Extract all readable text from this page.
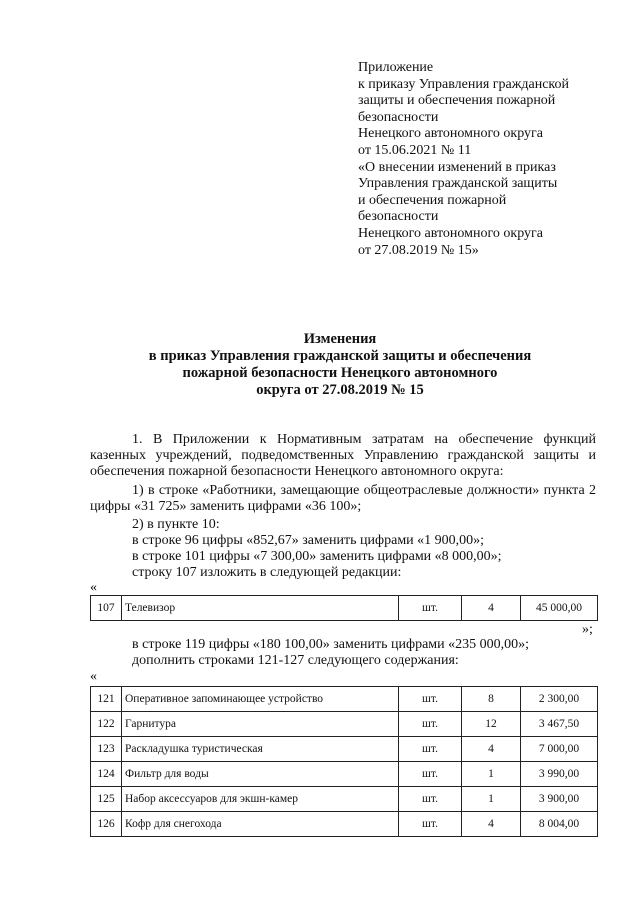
Приложение
к приказу Управления гражданской
защиты и обеспечения пожарной
безопасности
Ненецкого автономного округа
от 15.06.2021 № 11
«О внесении изменений в приказ
Управления гражданской защиты
и обеспечения пожарной
безопасности
Ненецкого автономного округа
от 27.08.2019 № 15»
Изменения
в приказ Управления гражданской защиты и обеспечения
пожарной безопасности Ненецкого автономного
округа от 27.08.2019 № 15
1. В Приложении к Нормативным затратам на обеспечение функций казенных учреждений, подведомственных Управлению гражданской защиты и обеспечения пожарной безопасности Ненецкого автономного округа:
1) в строке «Работники, замещающие общеотраслевые должности» пункта 2 цифры «31 725» заменить цифрами «36 100»;
2) в пункте 10:
в строке 96 цифры «852,67» заменить цифрами «1 900,00»;
в строке 101 цифры «7 300,00» заменить цифрами «8 000,00»;
строку 107 изложить в следующей редакции:
«
107	Телевизор	шт.	4	45 000,00
»;
в строке 119 цифры «180 100,00» заменить цифрами «235 000,00»;
дополнить строками 121-127 следующего содержания:
«
121	Оперативное запоминающее устройство	шт.	8	2 300,00
122	Гарнитура	шт.	12	3 467,50
123	Раскладушка туристическая	шт.	4	7 000,00
124	Фильтр для воды	шт.	1	3 990,00
125	Набор аксессуаров для экшн-камер	шт.	1	3 900,00
126	Кофр для снегохода	шт.	4	8 004,00
